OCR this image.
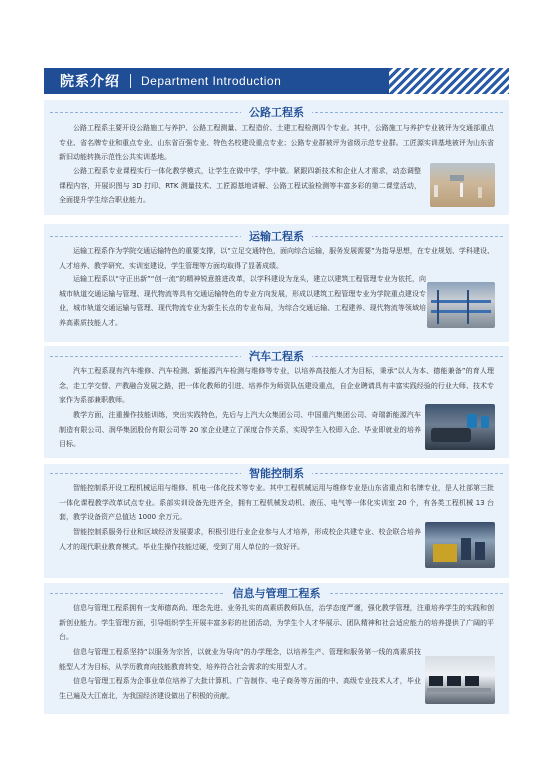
院系介绍 Department Introduction
公路工程系
公路工程系主要开设公路施工与养护、公路工程测量、工程造价、土建工程检测四个专业。其中，公路施工与养护专业被评为交通部重点专业、省名牌专业和重点专业、山东省百强专业、特色名校建设重点专业；公路专业群被评为省级示范专业群。工匠源实训基地被评为山东省新旧动能转换示范性公共实训基地。
公路工程系专业课程实行一体化教学模式，让学生在做中学，学中做。紧跟四新技术和企业人才需求，动态调整课程内容，开展识图与 3D 打印、RTK 测量技术、工匠源基地讲解、公路工程试验检测等丰富多彩的第二课堂活动，全面提升学生综合职业能力。
运输工程系
运输工程系作为学院交通运输特色的重要支撑，以“立足交通特色，面向综合运输，服务发展需要”为指导思想，在专业规划、学科建设、人才培养、教学研究、实训室建设、学生管理等方面均取得了显著成绩。
运输工程系以“守正出新”“创一流”的精神锐意推进改革，以学科建设为龙头，建立以建筑工程管理专业为依托，向城市轨道交通运输与管理、现代物流等具有交通运输特色的专业方向发展，形成以建筑工程管理专业为学院重点建设专业，城市轨道交通运输与管理、现代物流专业为新生长点的专业布局，为综合交通运输、工程建养、现代物流等领域培养高素质技能人才。
汽车工程系
汽车工程系现有汽车维修、汽车检测、新能源汽车检测与维修等专业，以培养高技能人才为目标，秉承“以人为本、德能兼备”的育人理念，走工学交替、产教融合发展之路，把一体化教师的引进、培养作为师资队伍建设重点，自企业聘请具有丰富实践经验的行业大师、技术专家作为系部兼职教师。
教学方面，注重操作技能训练，突出实践特色，先后与上汽大众集团公司、中国重汽集团公司、奇瑞新能源汽车制造有限公司、润华集团股份有限公司等 20 家企业建立了深度合作关系，实现学生入校即入企、毕业即就业的培养目标。
智能控制系
智能控制系开设工程机械运用与维修、机电一体化技术等专业。其中工程机械运用与维修专业是山东省重点和名牌专业，是人社部第三批一体化课程教学改革试点专业。系部实训设备先进齐全，拥有工程机械发动机、液压、电气等一体化实训室 20 个，有各类工程机械 13 台套，教学设备资产总值达 1000 余万元。
智能控制系服务行业和区域经济发展要求，积极引进行业企业参与人才培养，形成校企共建专业、校企联合培养人才的现代职业教育模式。毕业生操作技能过硬，受到了用人单位的一致好评。
信息与管理工程系
信息与管理工程系拥有一支师德高尚、理念先进、业务扎实的高素质教师队伍，治学态度严谨，强化教学管理，注重培养学生的实践和创新创业能力。学生管理方面，引导组织学生开展丰富多彩的社团活动，为学生个人才华展示、团队精神和社会适应能力的培养提供了广阔的平台。
信息与管理工程系坚持“以服务为宗旨，以就业为导向”的办学理念，以培养生产、管理和服务第一线的高素质技能型人才为目标，从学历教育向技能教育转变，培养符合社会需求的实用型人才。
信息与管理工程系为企事业单位培养了大批计算机、广告制作、电子商务等方面的中、高级专业技术人才，毕业生已遍及大江南北，为我国经济建设做出了积极的贡献。
